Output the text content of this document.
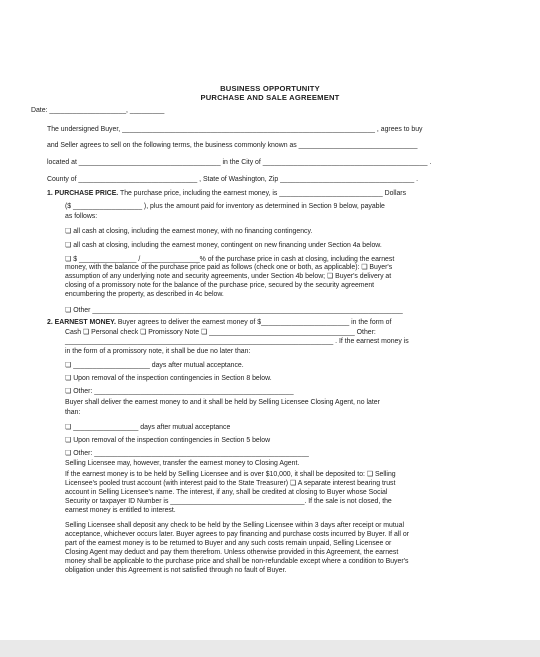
BUSINESS OPPORTUNITY
PURCHASE AND SALE AGREEMENT
Date: ____________________, _________
The undersigned Buyer, __________________________________________________________________ , agrees to buy
and Seller agrees to sell on the following terms, the business commonly known as _______________________________
located at _____________________________________ in the City of ___________________________________________ .
County of _______________________________ , State of Washington, Zip ___________________________________ .
1. PURCHASE PRICE. The purchase price, including the earnest money, is ___________________________ Dollars
($ __________________ ), plus the amount paid for inventory as determined in Section 9 below, payable
as follows:
❏ all cash at closing, including the earnest money, with no financing contingency.
❏ all cash at closing, including the earnest money, contingent on new financing under Section 4a below.
❏ $ _______________ / _______________% of the purchase price in cash at closing, including the earnest
money, with the balance of the purchase price paid as follows (check one or both, as applicable): ❏ Buyer's
assumption of any underlying note and security agreements, under Section 4b below; ❏ Buyer's delivery at
closing of a promissory note for the balance of the purchase price, secured by the security agreement
encumbering the property, as described in 4c below.
❏ Other _________________________________________________________________________________
2. EARNEST MONEY. Buyer agrees to deliver the earnest money of $_______________________ in the form of
Cash ❏ Personal check ❏ Promissory Note ❏ ______________________________________ Other:
______________________________________________________________________ . If the earnest money is
in the form of a promissory note, it shall be due no later than:
❏ ____________________ days after mutual acceptance.
❏ Upon removal of the inspection contingencies in Section 8 below.
❏ Other: ____________________________________________________
Buyer shall deliver the earnest money to and it shall be held by Selling Licensee Closing Agent, no later
than:
❏ _________________ days after mutual acceptance
❏ Upon removal of the inspection contingencies in Section 5 below
❏ Other: ________________________________________________________
Selling Licensee may, however, transfer the earnest money to Closing Agent.
If the earnest money is to be held by Selling Licensee and is over $10,000, it shall be deposited to: ❏ Selling
Licensee's pooled trust account (with interest paid to the State Treasurer) ❏ A separate interest bearing trust
account in Selling Licensee's name. The interest, if any, shall be credited at closing to Buyer whose Social
Security or taxpayer ID Number is ___________________________________. If the sale is not closed, the
earnest money is entitled to interest.
Selling Licensee shall deposit any check to be held by the Selling Licensee within 3 days after receipt or mutual
acceptance, whichever occurs later. Buyer agrees to pay financing and purchase costs incurred by Buyer. If all or
part of the earnest money is to be returned to Buyer and any such costs remain unpaid, Selling Licensee or
Closing Agent may deduct and pay them therefrom. Unless otherwise provided in this Agreement, the earnest
money shall be applicable to the purchase price and shall be non-refundable except where a condition to Buyer's
obligation under this Agreement is not satisfied through no fault of Buyer.
